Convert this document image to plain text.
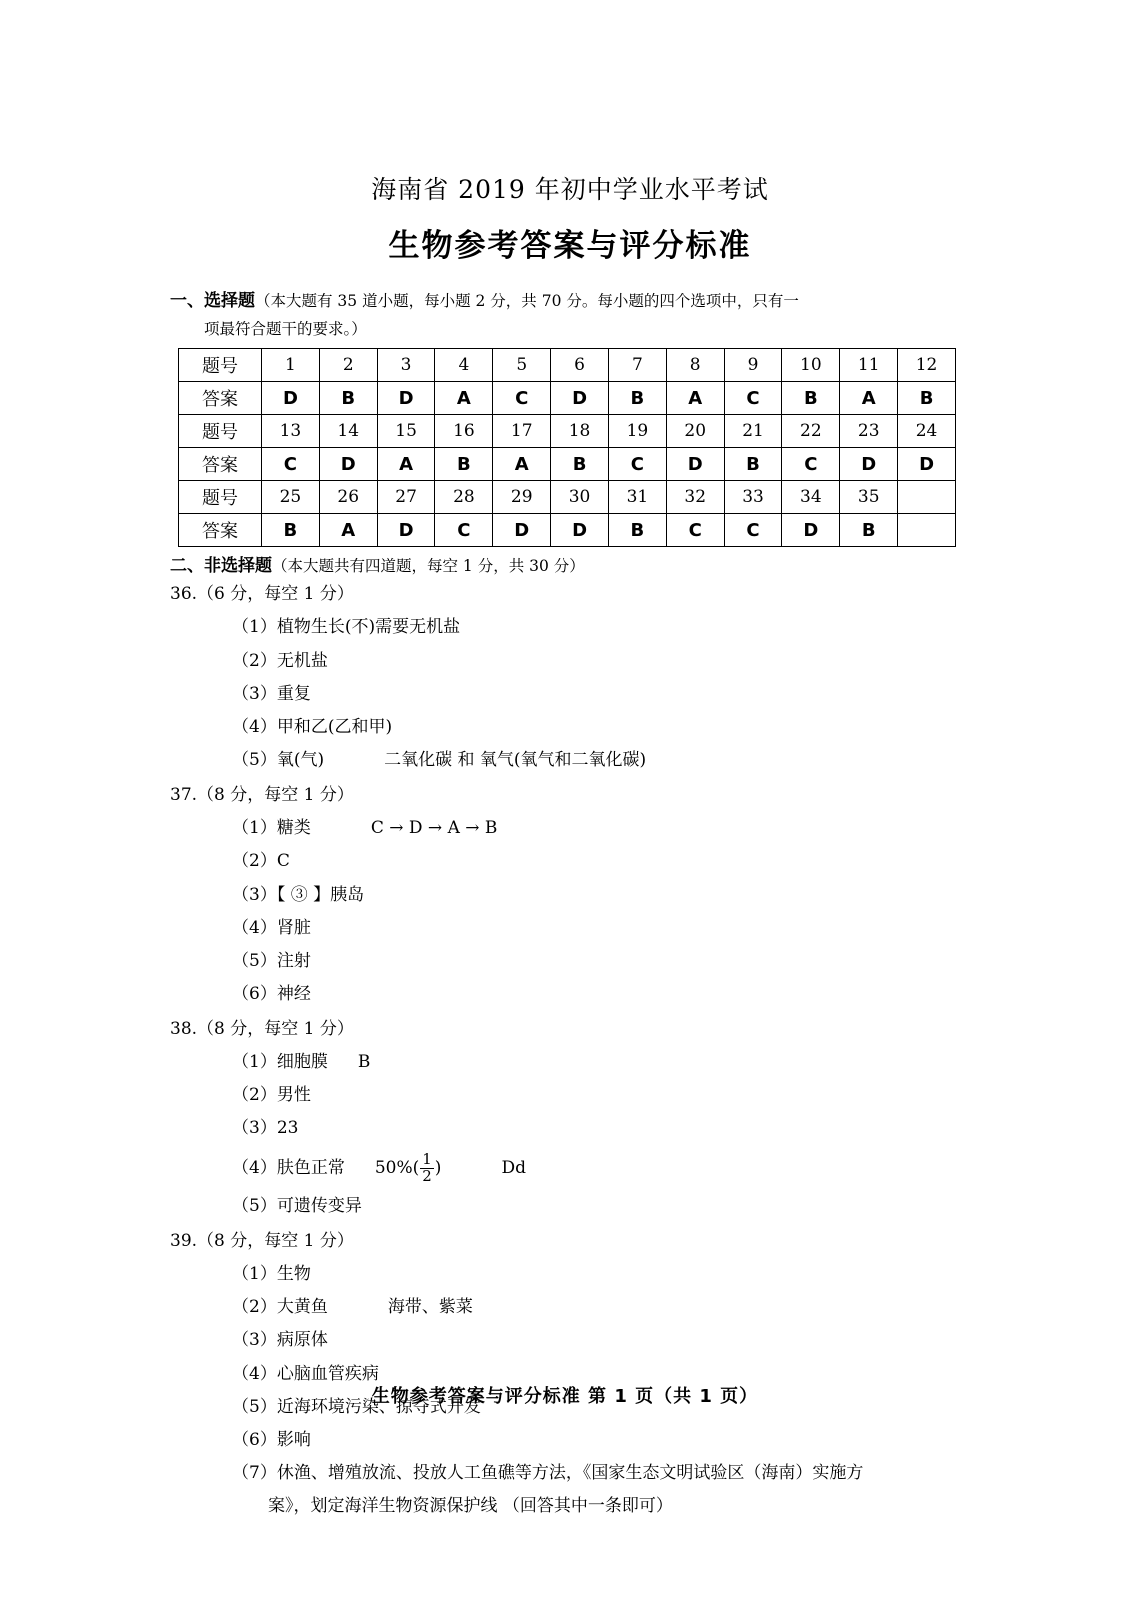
海南省 2019 年初中学业水平考试
生物参考答案与评分标准
一、选择题（本大题有 35 道小题，每小题 2 分，共 70 分。每小题的四个选项中，只有一
项最符合题干的要求。）
题号	1	2	3	4	5	6	7	8	9	10	11	12
答案	D	B	D	A	C	D	B	A	C	B	A	B
题号	13	14	15	16	17	18	19	20	21	22	23	24
答案	C	D	A	B	A	B	C	D	B	C	D	D
题号	25	26	27	28	29	30	31	32	33	34	35	
答案	B	A	D	C	D	D	B	C	C	D	B	
二、非选择题（本大题共有四道题，每空 1 分，共 30 分）
36.（6 分，每空 1 分）
（1）植物生长(不)需要无机盐
（2）无机盐
（3）重复
（4）甲和乙(乙和甲)
（5）氧(气)	二氧化碳 和 氧气(氧气和二氧化碳)
37.（8 分，每空 1 分）
（1）糖类	C → D → A → B
（2）C
（3）【 ③ 】胰岛
（4）肾脏
（5）注射
（6）神经
38.（8 分，每空 1 分）
（1）细胞膜 B
（2）男性
（3）23
（4）肤色正常 $50\%( \frac{1}{2}$ )	Dd
（5）可遗传变异
39.（8 分，每空 1 分）
（1）生物
（2）大黄鱼	海带、紫菜
（3）病原体
（4）心脑血管疾病
（5）近海环境污染、掠夺式开发
（6）影响
（7）休渔、增殖放流、投放人工鱼礁等方法，《国家生态文明试验区（海南）实施方
案》，划定海洋生物资源保护线 （回答其中一条即可）
生物参考答案与评分标准 第 1 页（共 1 页）
